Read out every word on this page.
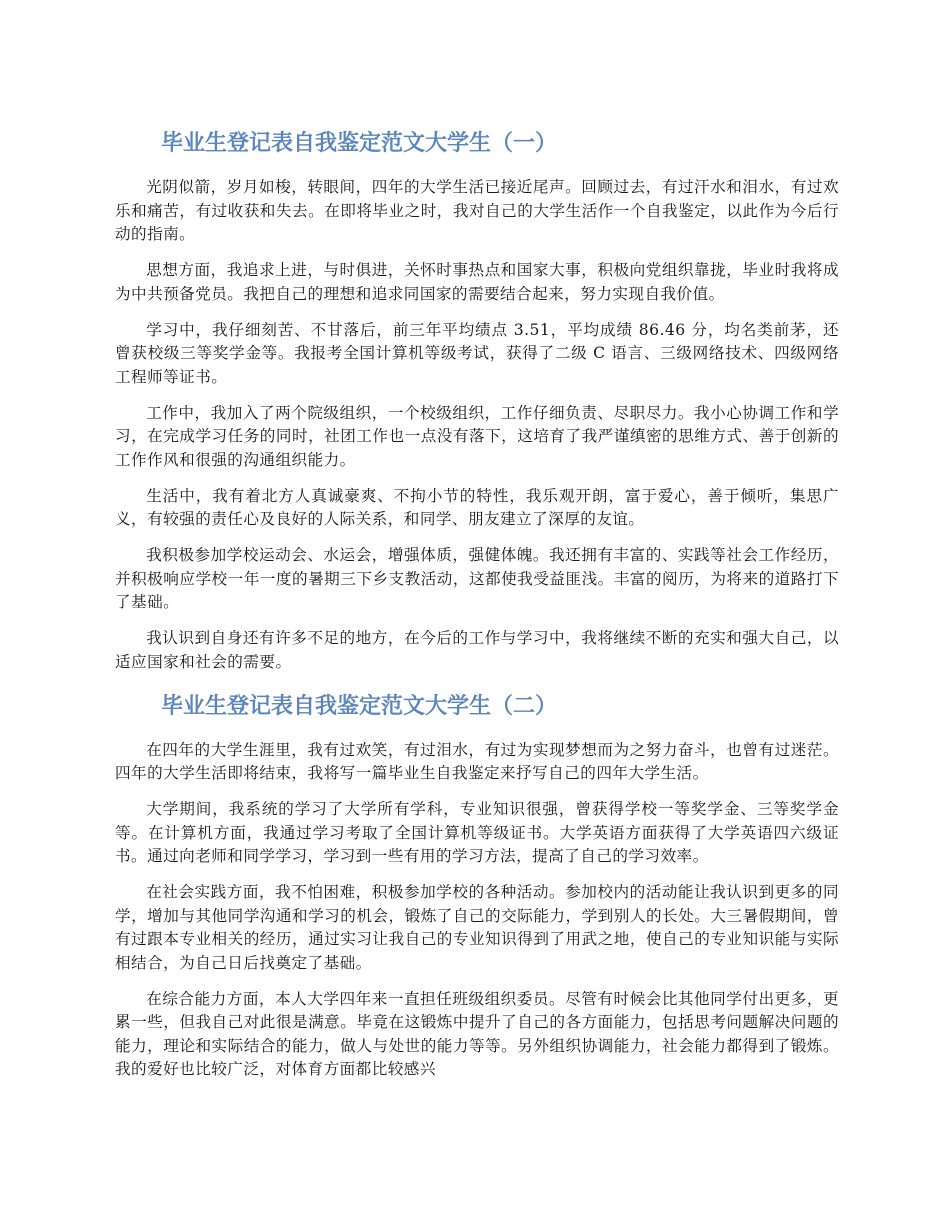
毕业生登记表自我鉴定范文大学生（一）

光阴似箭，岁月如梭，转眼间，四年的大学生活已接近尾声。回顾过去，有过汗水和泪水，有过欢乐和痛苦，有过收获和失去。在即将毕业之时，我对自己的大学生活作一个自我鉴定，以此作为今后行动的指南。

思想方面，我追求上进，与时俱进，关怀时事热点和国家大事，积极向党组织靠拢，毕业时我将成为中共预备党员。我把自己的理想和追求同国家的需要结合起来，努力实现自我价值。

学习中，我仔细刻苦、不甘落后，前三年平均绩点 3.51，平均成绩 86.46 分，均名类前茅，还曾获校级三等奖学金等。我报考全国计算机等级考试，获得了二级 C 语言、三级网络技术、四级网络工程师等证书。

工作中，我加入了两个院级组织，一个校级组织，工作仔细负责、尽职尽力。我小心协调工作和学习，在完成学习任务的同时，社团工作也一点没有落下，这培育了我严谨缜密的思维方式、善于创新的工作作风和很强的沟通组织能力。

生活中，我有着北方人真诚豪爽、不拘小节的特性，我乐观开朗，富于爱心，善于倾听，集思广义，有较强的责任心及良好的人际关系，和同学、朋友建立了深厚的友谊。

我积极参加学校运动会、水运会，增强体质，强健体魄。我还拥有丰富的、实践等社会工作经历，并积极响应学校一年一度的暑期三下乡支教活动，这都使我受益匪浅。丰富的阅历，为将来的道路打下了基础。

我认识到自身还有许多不足的地方，在今后的工作与学习中，我将继续不断的充实和强大自己，以适应国家和社会的需要。

毕业生登记表自我鉴定范文大学生（二）

在四年的大学生涯里，我有过欢笑，有过泪水，有过为实现梦想而为之努力奋斗，也曾有过迷茫。四年的大学生活即将结束，我将写一篇毕业生自我鉴定来抒写自己的四年大学生活。

大学期间，我系统的学习了大学所有学科，专业知识很强，曾获得学校一等奖学金、三等奖学金等。在计算机方面，我通过学习考取了全国计算机等级证书。大学英语方面获得了大学英语四六级证书。通过向老师和同学学习，学习到一些有用的学习方法，提高了自己的学习效率。

在社会实践方面，我不怕困难，积极参加学校的各种活动。参加校内的活动能让我认识到更多的同学，增加与其他同学沟通和学习的机会，锻炼了自己的交际能力，学到别人的长处。大三暑假期间，曾有过跟本专业相关的经历，通过实习让我自己的专业知识得到了用武之地，使自己的专业知识能与实际相结合，为自己日后找奠定了基础。

在综合能力方面，本人大学四年来一直担任班级组织委员。尽管有时候会比其他同学付出更多，更累一些，但我自己对此很是满意。毕竟在这锻炼中提升了自己的各方面能力，包括思考问题解决问题的能力，理论和实际结合的能力，做人与处世的能力等等。另外组织协调能力，社会能力都得到了锻炼。我的爱好也比较广泛，对体育方面都比较感兴
